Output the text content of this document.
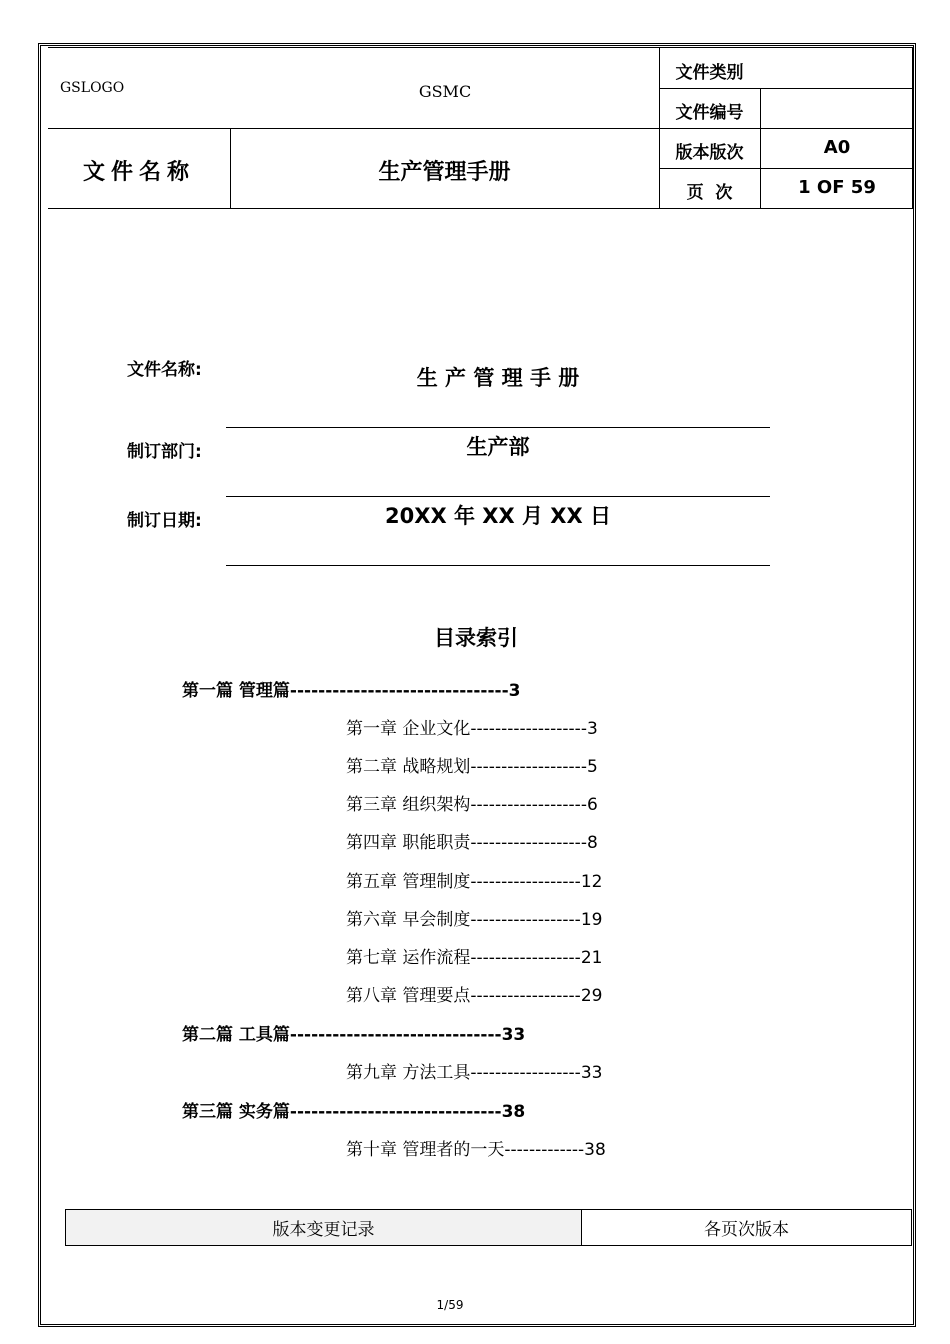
GSLOGO	GSMC
文件类别
文件编号
版本版次	A0
页  次	1 OF 59
文件名称	生产管理手册
文件名称:	生 产 管 理 手 册
制订部门:	生产部
制订日期:	20XX 年 XX 月 XX 日
目录索引
第一篇 管理篇-------------------------------3
第一章 企业文化-------------------3
第二章 战略规划-------------------5
第三章 组织架构-------------------6
第四章 职能职责-------------------8
第五章 管理制度------------------12
第六章 早会制度------------------19
第七章 运作流程------------------21
第八章 管理要点------------------29
第二篇 工具篇------------------------------33
第九章 方法工具------------------33
第三篇 实务篇------------------------------38
第十章 管理者的一天-------------38
版本变更记录	各页次版本
1/59
